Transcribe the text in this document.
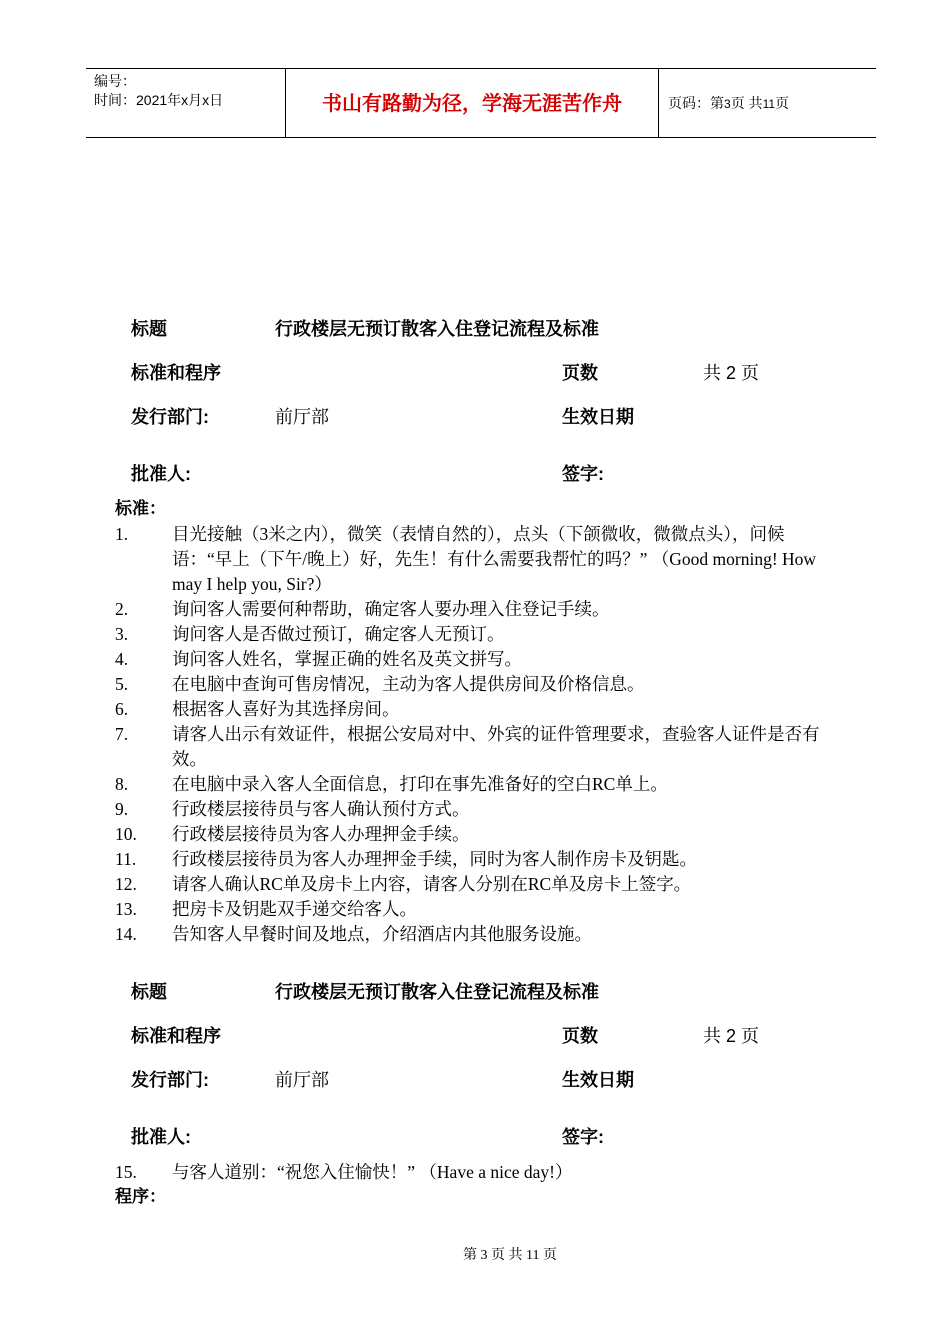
编号：
时间：2021年x月x日	书山有路勤为径，学海无涯苦作舟	页码：第3页 共11页
标题	行政楼层无预订散客入住登记流程及标准
标准和程序	页数	共 2 页
发行部门:	前厅部	生效日期
批准人:	签字:
标准：
1.	目光接触（3米之内），微笑（表情自然的），点头（下颌微收，微微点头），问候语：“早上（下午/晚上）好，先生！有什么需要我帮忙的吗？” （Good morning! How may I help you, Sir?）
2.	询问客人需要何种帮助，确定客人要办理入住登记手续。
3.	询问客人是否做过预订，确定客人无预订。
4.	询问客人姓名，掌握正确的姓名及英文拼写。
5.	在电脑中查询可售房情况，主动为客人提供房间及价格信息。
6.	根据客人喜好为其选择房间。
7.	请客人出示有效证件，根据公安局对中、外宾的证件管理要求，查验客人证件是否有效。
8.	在电脑中录入客人全面信息，打印在事先准备好的空白RC单上。
9.	行政楼层接待员与客人确认预付方式。
10. 行政楼层接待员为客人办理押金手续。
11. 行政楼层接待员为客人办理押金手续，同时为客人制作房卡及钥匙。
12. 请客人确认RC单及房卡上内容，请客人分别在RC单及房卡上签字。
13. 把房卡及钥匙双手递交给客人。
14. 告知客人早餐时间及地点，介绍酒店内其他服务设施。
标题	行政楼层无预订散客入住登记流程及标准
标准和程序	页数	共 2 页
发行部门:	前厅部	生效日期
批准人:	签字:
15. 与客人道别：“祝您入住愉快！” （Have a nice day!）
程序：
第 3 页 共 11 页
